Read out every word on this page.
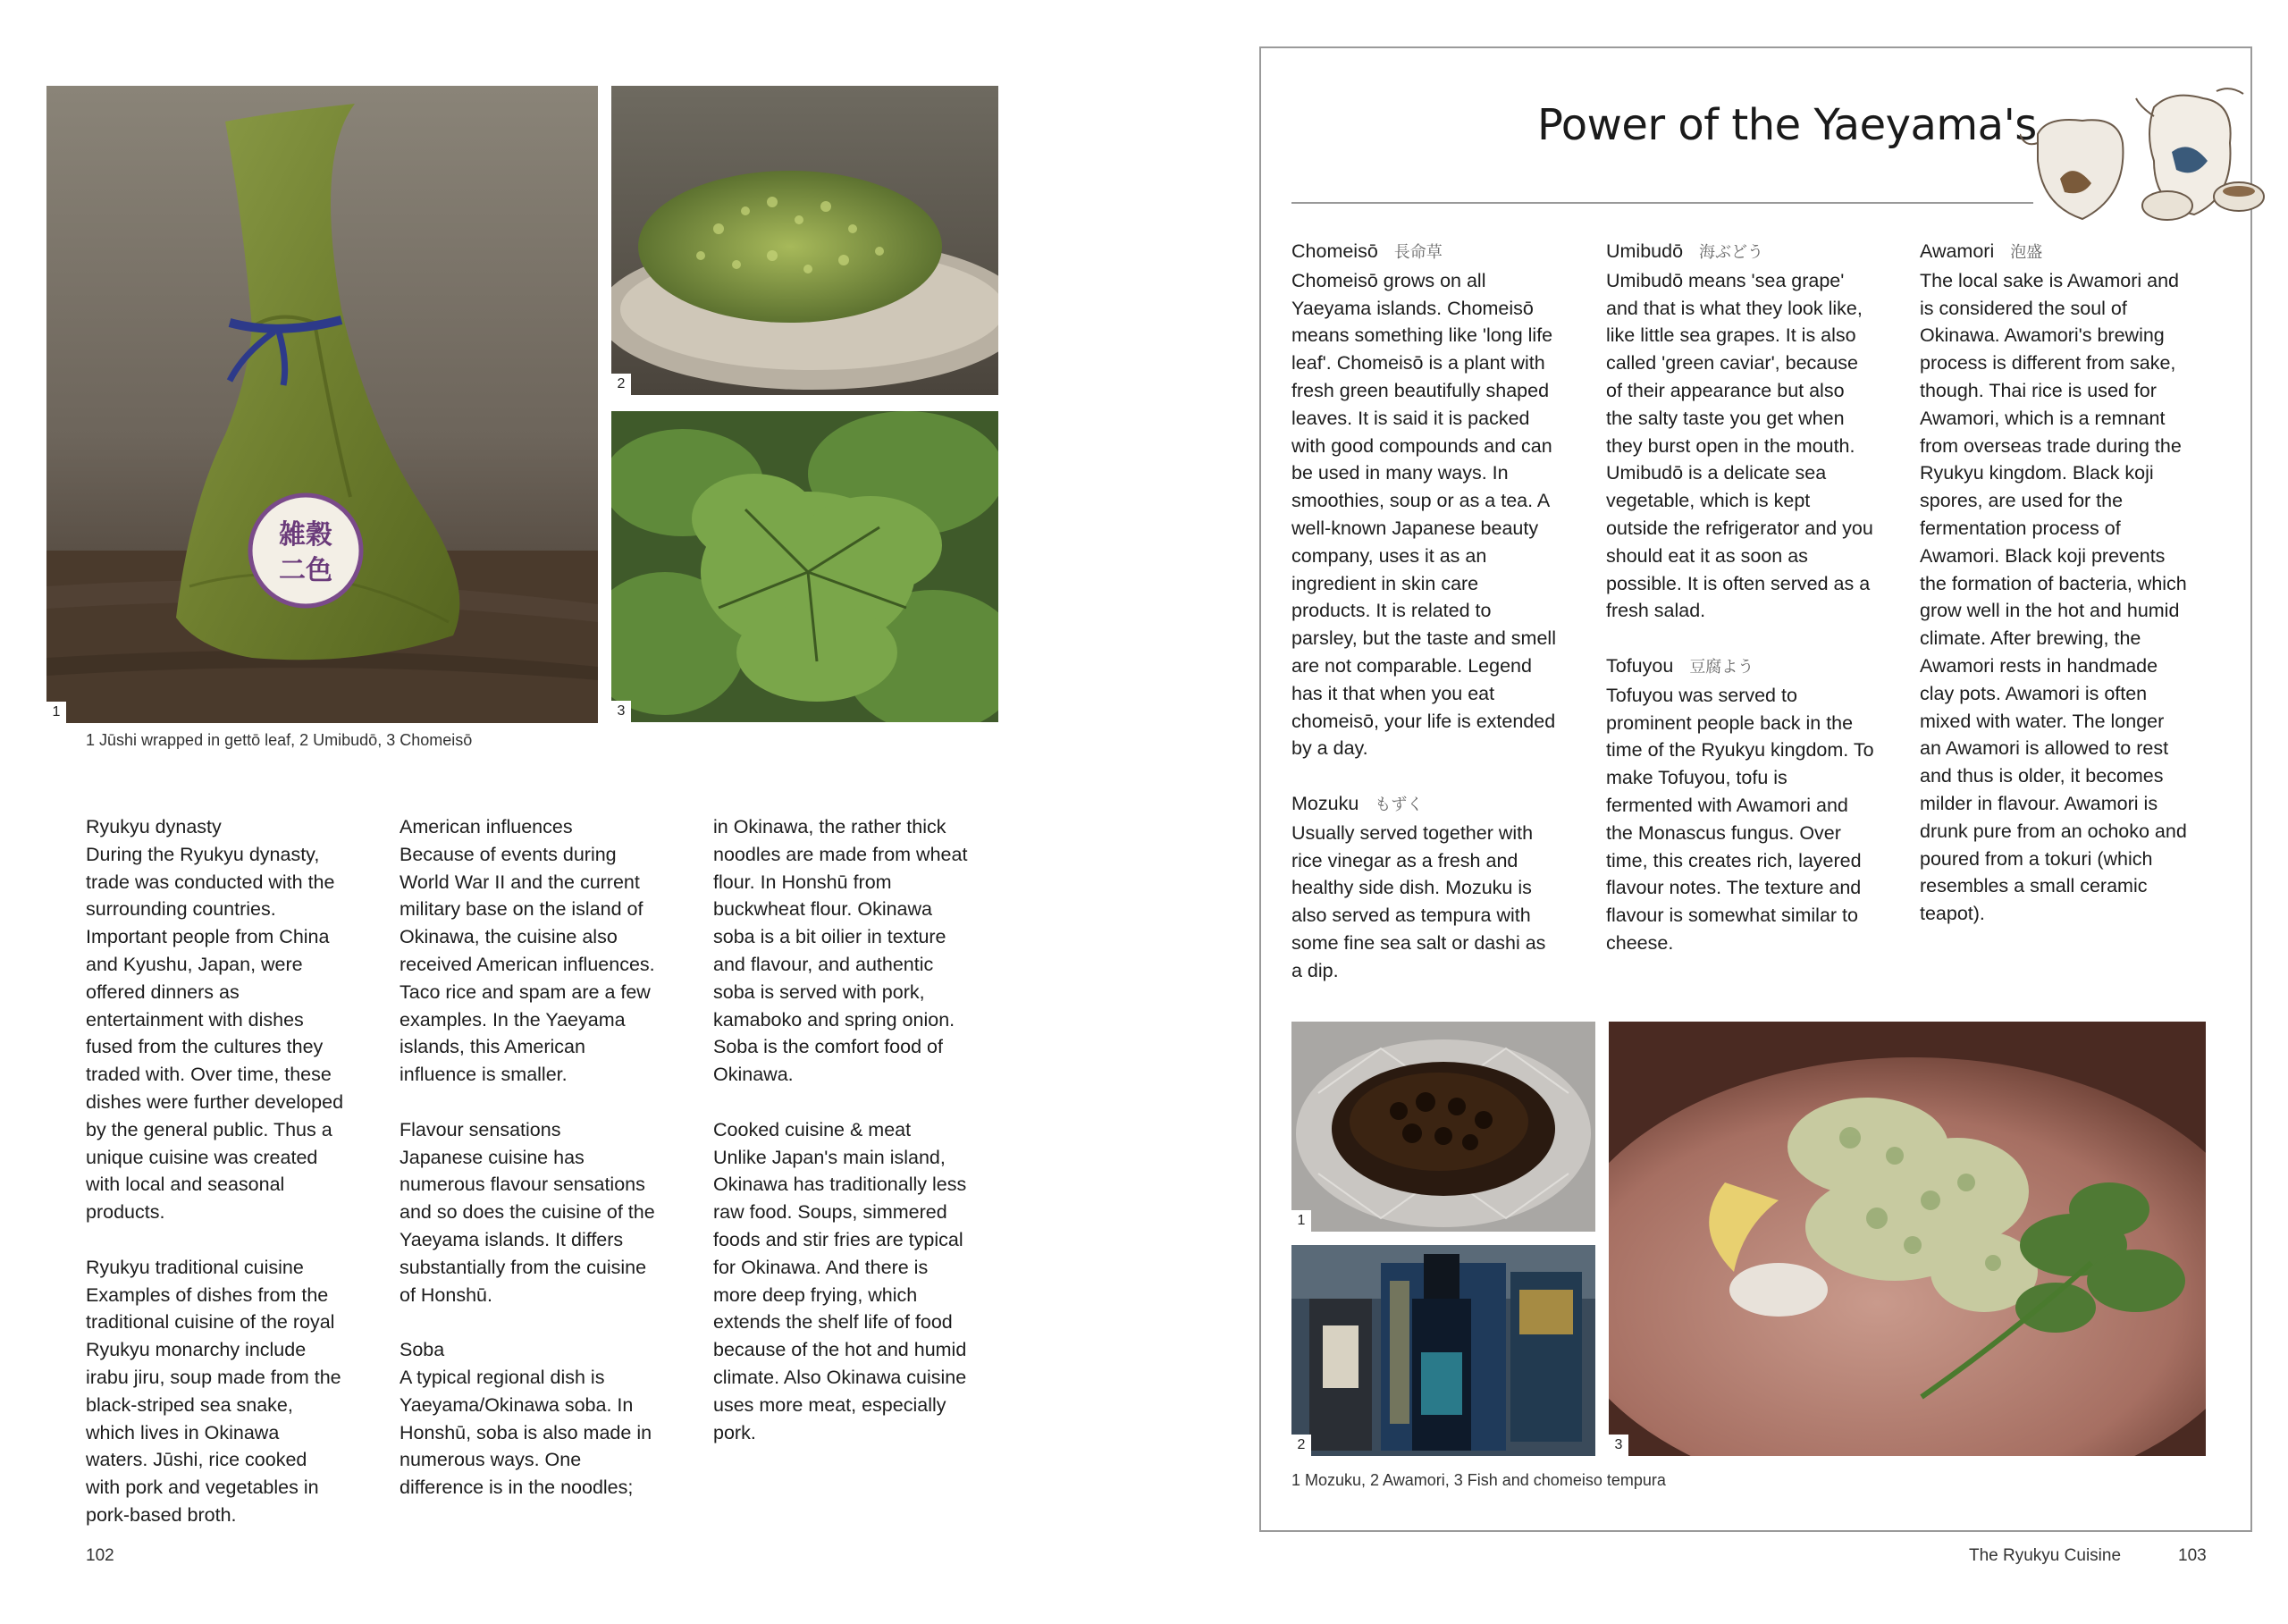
雑穀
二色
1
2
3
1 Jūshi wrapped in gettō leaf, 2 Umibudō, 3 Chomeisō
Ryukyu dynasty

During the Ryukyu dynasty, trade was conducted with the surrounding countries. Important people from China and Kyushu, Japan, were offered dinners as entertainment with dishes fused from the cultures they traded with. Over time, these dishes were further developed by the general public. Thus a unique cuisine was created with local and seasonal products.

Ryukyu traditional cuisine

Examples of dishes from the traditional cuisine of the royal Ryukyu monarchy include irabu jiru, soup made from the black-striped sea snake, which lives in Okinawa waters. Jūshi, rice cooked with pork and vegetables in pork-based broth.

American influences

Because of events during World War II and the current military base on the island of Okinawa, the cuisine also received American influences. Taco rice and spam are a few examples. In the Yaeyama islands, this American influence is smaller.

Flavour sensations

Japanese cuisine has numerous flavour sensations and so does the cuisine of the Yaeyama islands. It differs substantially from the cuisine of Honshū.

Soba

A typical regional dish is Yaeyama/Okinawa soba. In Honshū, soba is also made in numerous ways. One difference is in the noodles;

in Okinawa, the rather thick noodles are made from wheat flour. In Honshū from buckwheat flour. Okinawa soba is a bit oilier in texture and flavour, and authentic soba is served with pork, kamaboko and spring onion. Soba is the comfort food of Okinawa.

Cooked cuisine & meat

Unlike Japan's main island, Okinawa has traditionally less raw food. Soups, simmered foods and stir fries are typical for Okinawa. And there is more deep frying, which extends the shelf life of food because of the hot and humid climate. Also Okinawa cuisine uses more meat, especially pork.

102
Power of the Yaeyama's
Chomeisō 長命草

Chomeisō grows on all Yaeyama islands. Chomeisō means something like 'long life leaf'. Chomeisō is a plant with fresh green beautifully shaped leaves. It is said it is packed with good compounds and can be used in many ways. In smoothies, soup or as a tea. A well-known Japanese beauty company, uses it as an ingredient in skin care products. It is related to parsley, but the taste and smell are not comparable. Legend has it that when you eat chomeisō, your life is extended by a day.

Mozuku もずく

Usually served together with rice vinegar as a fresh and healthy side dish. Mozuku is also served as tempura with some fine sea salt or dashi as a dip.

Umibudō 海ぶどう

Umibudō means 'sea grape' and that is what they look like, like little sea grapes. It is also called 'green caviar', because of their appearance but also the salty taste you get when they burst open in the mouth. Umibudō is a delicate sea vegetable, which is kept outside the refrigerator and you should eat it as soon as possible. It is often served as a fresh salad.

Tofuyou 豆腐よう

Tofuyou was served to prominent people back in the time of the Ryukyu kingdom. To make Tofuyou, tofu is fermented with Awamori and the Monascus fungus. Over time, this creates rich, layered flavour notes. The texture and flavour is somewhat similar to cheese.

Awamori 泡盛

The local sake is Awamori and is considered the soul of Okinawa. Awamori's brewing process is different from sake, though. Thai rice is used for Awamori, which is a remnant from overseas trade during the Ryukyu kingdom. Black koji spores, are used for the fermentation process of Awamori. Black koji prevents the formation of bacteria, which grow well in the hot and humid climate. After brewing, the Awamori rests in handmade clay pots. Awamori is often mixed with water. The longer an Awamori is allowed to rest and thus is older, it becomes milder in flavour. Awamori is drunk pure from an ochoko and poured from a tokuri (which resembles a small ceramic teapot).

1
2	3
1 Mozuku, 2 Awamori, 3 Fish and chomeiso tempura
The Ryukyu Cuisine	103
